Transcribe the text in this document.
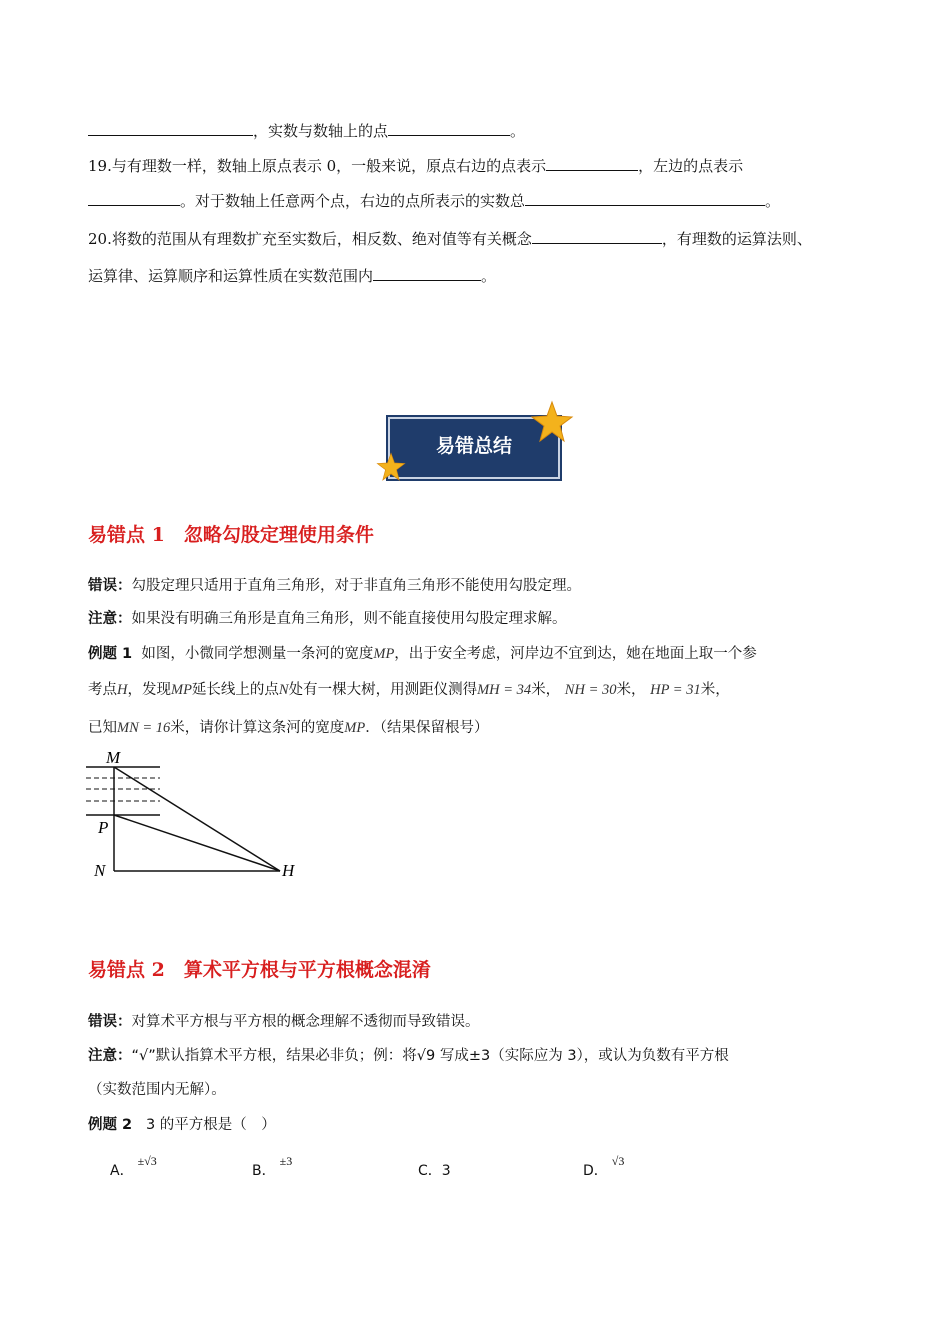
，实数与数轴上的点	。
19.与有理数一样，数轴上原点表示 0，一般来说，原点右边的点表示	，左边的点表示
。对于数轴上任意两个点，右边的点所表示的实数总	。
20.将数的范围从有理数扩充至实数后，相反数、绝对值等有关概念	，有理数的运算法则、
运算律、运算顺序和运算性质在实数范围内	。
易错总结
易错点 1　忽略勾股定理使用条件
错误：勾股定理只适用于直角三角形，对于非直角三角形不能使用勾股定理。
注意：如果没有明确三角形是直角三角形，则不能直接使用勾股定理求解。
例题 1 如图，小微同学想测量一条河的宽度MP，出于安全考虑，河岸边不宜到达，她在地面上取一个参
考点H，发现MP延长线上的点N处有一棵大树，用测距仪测得MH = 34米， NH = 30米， HP = 31米，
已知MN = 16米，请你计算这条河的宽度MP．（结果保留根号）
M
P
N	H
易错点 2　算术平方根与平方根概念混淆
错误：对算术平方根与平方根的概念理解不透彻而导致错误。
注意：“√”默认指算术平方根，结果必非负；例：将√9 写成±3（实际应为 3），或认为负数有平方根
（实数范围内无解）。
例题 2 3 的平方根是（　）
A．±√3
B．±3
C．3	D．√3
